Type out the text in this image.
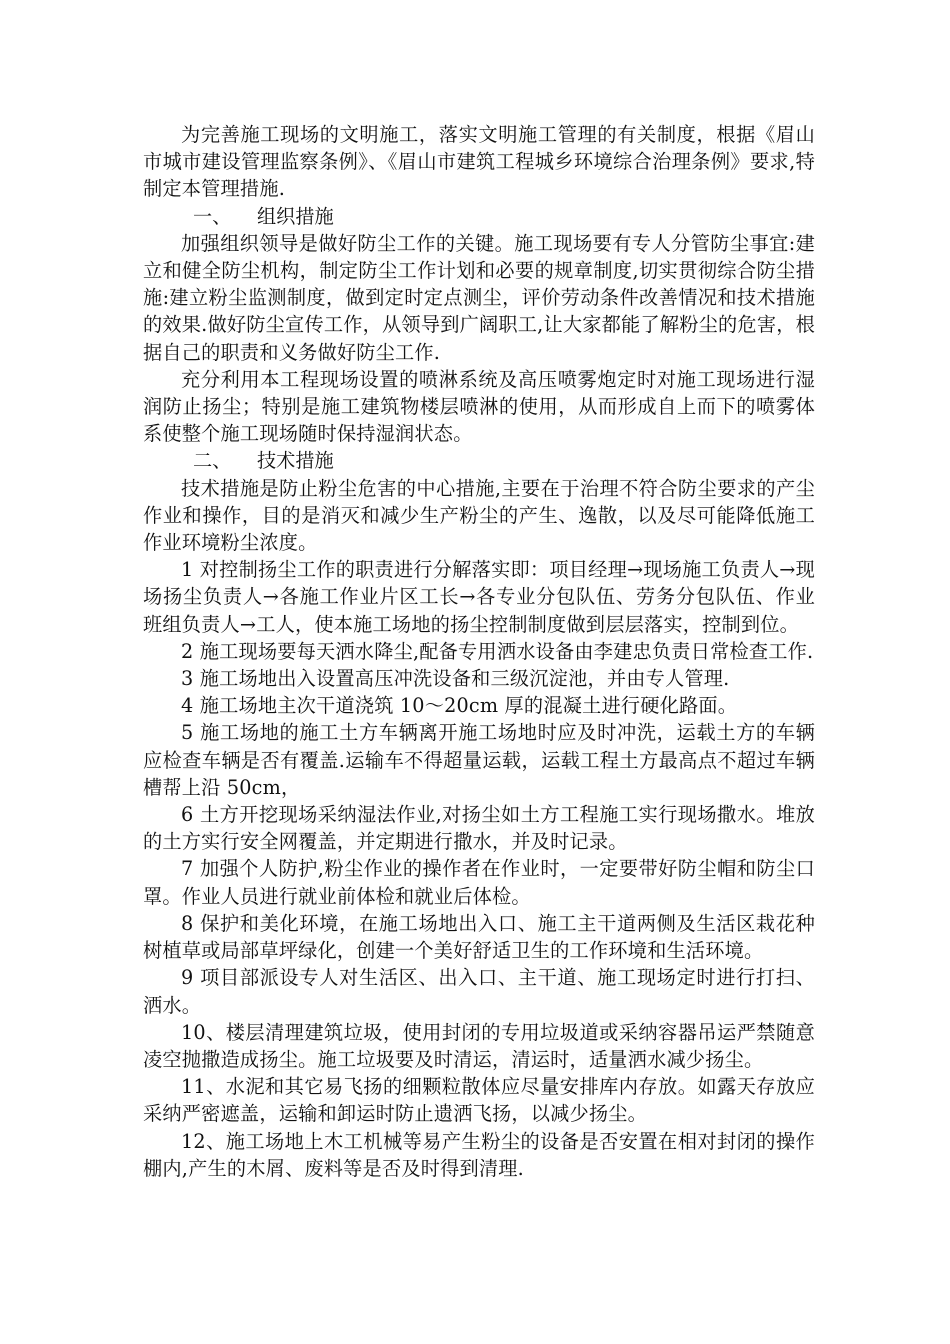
为完善施工现场的文明施工，落实文明施工管理的有关制度，根据《眉山市城市建设管理监察条例》、《眉山市建筑工程城乡环境综合治理条例》要求,特制定本管理措施.

一、 组织措施

加强组织领导是做好防尘工作的关键。施工现场要有专人分管防尘事宜:建立和健全防尘机构，制定防尘工作计划和必要的规章制度,切实贯彻综合防尘措施:建立粉尘监测制度，做到定时定点测尘，评价劳动条件改善情况和技术措施的效果.做好防尘宣传工作，从领导到广阔职工,让大家都能了解粉尘的危害，根据自己的职责和义务做好防尘工作.

充分利用本工程现场设置的喷淋系统及高压喷雾炮定时对施工现场进行湿润防止扬尘；特别是施工建筑物楼层喷淋的使用，从而形成自上而下的喷雾体系使整个施工现场随时保持湿润状态。

二、 技术措施

技术措施是防止粉尘危害的中心措施,主要在于治理不符合防尘要求的产尘作业和操作，目的是消灭和减少生产粉尘的产生、逸散，以及尽可能降低施工作业环境粉尘浓度。

1 对控制扬尘工作的职责进行分解落实即：项目经理→现场施工负责人→现场扬尘负责人→各施工作业片区工长→各专业分包队伍、劳务分包队伍、作业班组负责人→工人，使本施工场地的扬尘控制制度做到层层落实，控制到位。

2 施工现场要每天洒水降尘,配备专用洒水设备由李建忠负责日常检查工作.

3 施工场地出入设置高压冲洗设备和三级沉淀池，并由专人管理.

4 施工场地主次干道浇筑 10～20cm 厚的混凝土进行硬化路面。

5 施工场地的施工土方车辆离开施工场地时应及时冲洗，运载土方的车辆应检查车辆是否有覆盖.运输车不得超量运载，运载工程土方最高点不超过车辆槽帮上沿 50cm，

6 土方开挖现场采纳湿法作业,对扬尘如土方工程施工实行现场撒水。堆放的土方实行安全网覆盖，并定期进行撒水，并及时记录。

7 加强个人防护,粉尘作业的操作者在作业时，一定要带好防尘帽和防尘口罩。作业人员进行就业前体检和就业后体检。

8 保护和美化环境，在施工场地出入口、施工主干道两侧及生活区栽花种树植草或局部草坪绿化，创建一个美好舒适卫生的工作环境和生活环境。

9 项目部派设专人对生活区、出入口、主干道、施工现场定时进行打扫、洒水。

10、楼层清理建筑垃圾，使用封闭的专用垃圾道或采纳容器吊运严禁随意凌空抛撒造成扬尘。施工垃圾要及时清运，清运时，适量洒水减少扬尘。

11、水泥和其它易飞扬的细颗粒散体应尽量安排库内存放。如露天存放应采纳严密遮盖，运输和卸运时防止遗洒飞扬，以减少扬尘。

12、施工场地上木工机械等易产生粉尘的设备是否安置在相对封闭的操作棚内,产生的木屑、废料等是否及时得到清理.
